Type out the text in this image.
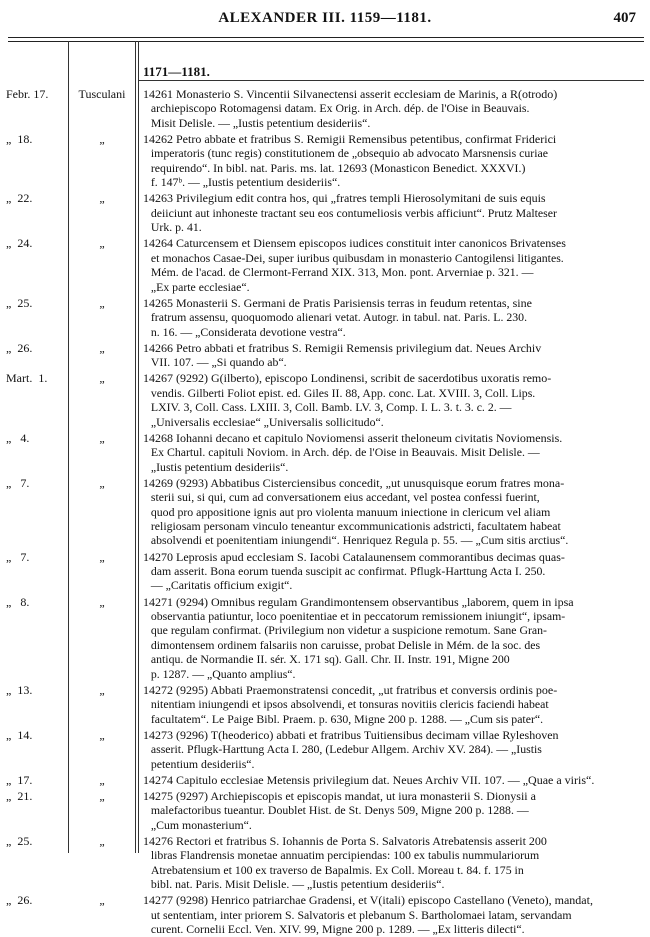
ALEXANDER III. 1159—1181.	407
1171—1181.
Febr. 17.	Tusculani	14261 Monasterio S. Vincentii Silvanectensi asserit ecclesiam de Marinis, a R(otrodo)
archiepiscopo Rotomagensi datam. Ex Orig. in Arch. dép. de l'Oise in Beauvais.
Misit Delisle. — „Iustis petentium desideriis“.
„  18.	„	14262 Petro abbate et fratribus S. Remigii Remensibus petentibus, confirmat Friderici
imperatoris (tunc regis) constitutionem de „obsequio ab advocato Marsnensis curiae
requirendo“. In bibl. nat. Paris. ms. lat. 12693 (Monasticon Benedict. XXXVI.)
f. 147ᵇ. — „Iustis petentium desideriis“.
„  22.	„	14263 Privilegium edit contra hos, qui „fratres templi Hierosolymitani de suis equis
deiiciunt aut inhoneste tractant seu eos contumeliosis verbis afficiunt“. Prutz Malteser
Urk. p. 41.
„  24.	„	14264 Caturcensem et Diensem episcopos iudices constituit inter canonicos Brivatenses
et monachos Casae-Dei, super iuribus quibusdam in monasterio Cantogilensi litigantes.
Mém. de l'acad. de Clermont-Ferrand XIX. 313, Mon. pont. Arverniae p. 321. —
„Ex parte ecclesiae“.
„  25.	„	14265 Monasterii S. Germani de Pratis Parisiensis terras in feudum retentas, sine
fratrum assensu, quoquomodo alienari vetat. Autogr. in tabul. nat. Paris. L. 230.
n. 16. — „Considerata devotione vestra“.
„  26.	„	14266 Petro abbati et fratribus S. Remigii Remensis privilegium dat. Neues Archiv
VII. 107. — „Si quando ab“.
Mart.  1.	„	14267 (9292) G(ilberto), episcopo Londinensi, scribit de sacerdotibus uxoratis remo-
vendis. Gilberti Foliot epist. ed. Giles II. 88, App. conc. Lat. XVIII. 3, Coll. Lips.
LXIV. 3, Coll. Cass. LXIII. 3, Coll. Bamb. LV. 3, Comp. I. L. 3. t. 3. c. 2. —
„Universalis ecclesiae“ „Universalis sollicitudo“.
„   4.	„	14268 Iohanni decano et capitulo Noviomensi asserit theloneum civitatis Noviomensis.
Ex Chartul. capituli Noviom. in Arch. dép. de l'Oise in Beauvais. Misit Delisle. —
„Iustis petentium desideriis“.
„   7.	„	14269 (9293) Abbatibus Cisterciensibus concedit, „ut unusquisque eorum fratres mona-
sterii sui, si qui, cum ad conversationem eius accedant, vel postea confessi fuerint,
quod pro appositione ignis aut pro violenta manuum iniectione in clericum vel aliam
religiosam personam vinculo teneantur excommunicationis adstricti, facultatem habeat
absolvendi et poenitentiam iniungendi“. Henriquez Regula p. 55. — „Cum sitis arctius“.
„   7.	„	14270 Leprosis apud ecclesiam S. Iacobi Catalaunensem commorantibus decimas quas-
dam asserit. Bona eorum tuenda suscipit ac confirmat. Pflugk-Harttung Acta I. 250.
— „Caritatis officium exigit“.
„   8.	„	14271 (9294) Omnibus regulam Grandimontensem observantibus „laborem, quem in ipsa
observantia patiuntur, loco poenitentiae et in peccatorum remissionem iniungit“, ipsam-
que regulam confirmat. (Privilegium non videtur a suspicione remotum. Sane Gran-
dimontensem ordinem falsariis non caruisse, probat Delisle in Mém. de la soc. des
antiqu. de Normandie II. sér. X. 171 sq). Gall. Chr. II. Instr. 191, Migne 200
p. 1287. — „Quanto amplius“.
„  13.	„	14272 (9295) Abbati Praemonstratensi concedit, „ut fratribus et conversis ordinis poe-
nitentiam iniungendi et ipsos absolvendi, et tonsuras novitiis clericis faciendi habeat
facultatem“. Le Paige Bibl. Praem. p. 630, Migne 200 p. 1288. — „Cum sis pater“.
„  14.	„	14273 (9296) T(heoderico) abbati et fratribus Tuitiensibus decimam villae Ryleshoven
asserit. Pflugk-Harttung Acta I. 280, (Ledebur Allgem. Archiv XV. 284). — „Iustis
petentium desideriis“.
„  17.	„	14274 Capitulo ecclesiae Metensis privilegium dat. Neues Archiv VII. 107. — „Quae a viris“.
„  21.	„	14275 (9297) Archiepiscopis et episcopis mandat, ut iura monasterii S. Dionysii a
malefactoribus tueantur. Doublet Hist. de St. Denys 509, Migne 200 p. 1288. —
„Cum monasterium“.
„  25.	„	14276 Rectori et fratribus S. Iohannis de Porta S. Salvatoris Atrebatensis asserit 200
libras Flandrensis monetae annuatim percipiendas: 100 ex tabulis nummulariorum
Atrebatensium et 100 ex traverso de Bapalmis. Ex Coll. Moreau t. 84. f. 175 in
bibl. nat. Paris. Misit Delisle. — „Iustis petentium desideriis“.
„  26.	„	14277 (9298) Henrico patriarchae Gradensi, et V(itali) episcopo Castellano (Veneto), mandat,
ut sententiam, inter priorem S. Salvatoris et plebanum S. Bartholomaei latam, servandam
curent. Cornelii Eccl. Ven. XIV. 99, Migne 200 p. 1289. — „Ex litteris dilecti“.
